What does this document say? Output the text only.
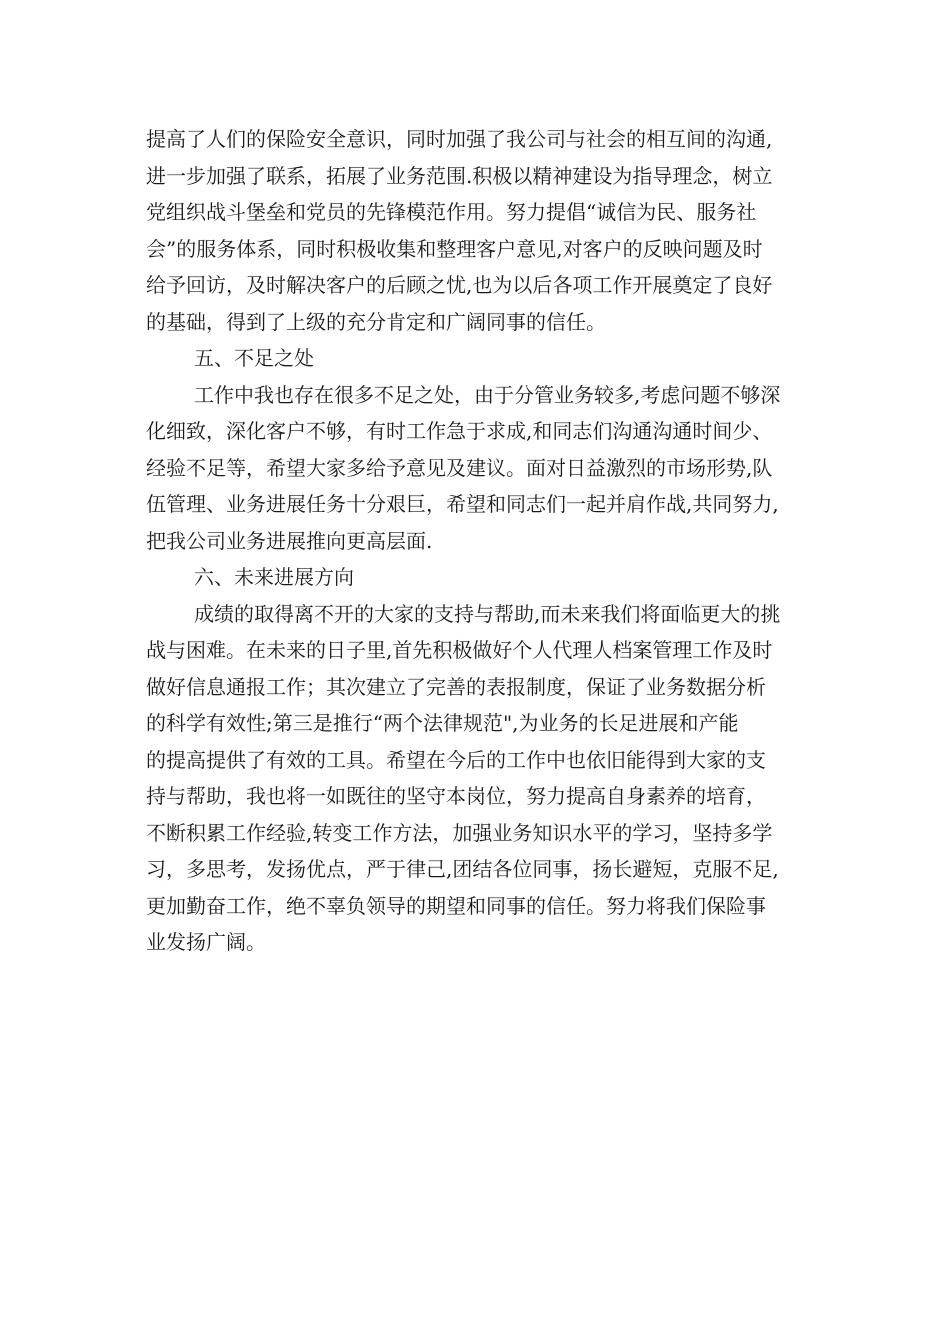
提高了人们的保险安全意识，同时加强了我公司与社会的相互间的沟通,
进一步加强了联系，拓展了业务范围.积极以精神建设为指导理念，树立
党组织战斗堡垒和党员的先锋模范作用。努力提倡“诚信为民、服务社
会”的服务体系，同时积极收集和整理客户意见,对客户的反映问题及时
给予回访，及时解决客户的后顾之忧,也为以后各项工作开展奠定了良好
的基础，得到了上级的充分肯定和广阔同事的信任。
五、不足之处
工作中我也存在很多不足之处，由于分管业务较多,考虑问题不够深
化细致，深化客户不够，有时工作急于求成,和同志们沟通沟通时间少、
经验不足等，希望大家多给予意见及建议。面对日益激烈的市场形势,队
伍管理、业务进展任务十分艰巨，希望和同志们一起并肩作战,共同努力,
把我公司业务进展推向更高层面.
六、未来进展方向
成绩的取得离不开的大家的支持与帮助,而未来我们将面临更大的挑
战与困难。在未来的日子里,首先积极做好个人代理人档案管理工作及时
做好信息通报工作；其次建立了完善的表报制度，保证了业务数据分析
的科学有效性;第三是推行“两个法律规范",为业务的长足进展和产能
的提高提供了有效的工具。希望在今后的工作中也依旧能得到大家的支
持与帮助，我也将一如既往的坚守本岗位，努力提高自身素养的培育，
不断积累工作经验,转变工作方法，加强业务知识水平的学习，坚持多学
习，多思考，发扬优点，严于律己,团结各位同事，扬长避短，克服不足,
更加勤奋工作，绝不辜负领导的期望和同事的信任。努力将我们保险事
业发扬广阔。
